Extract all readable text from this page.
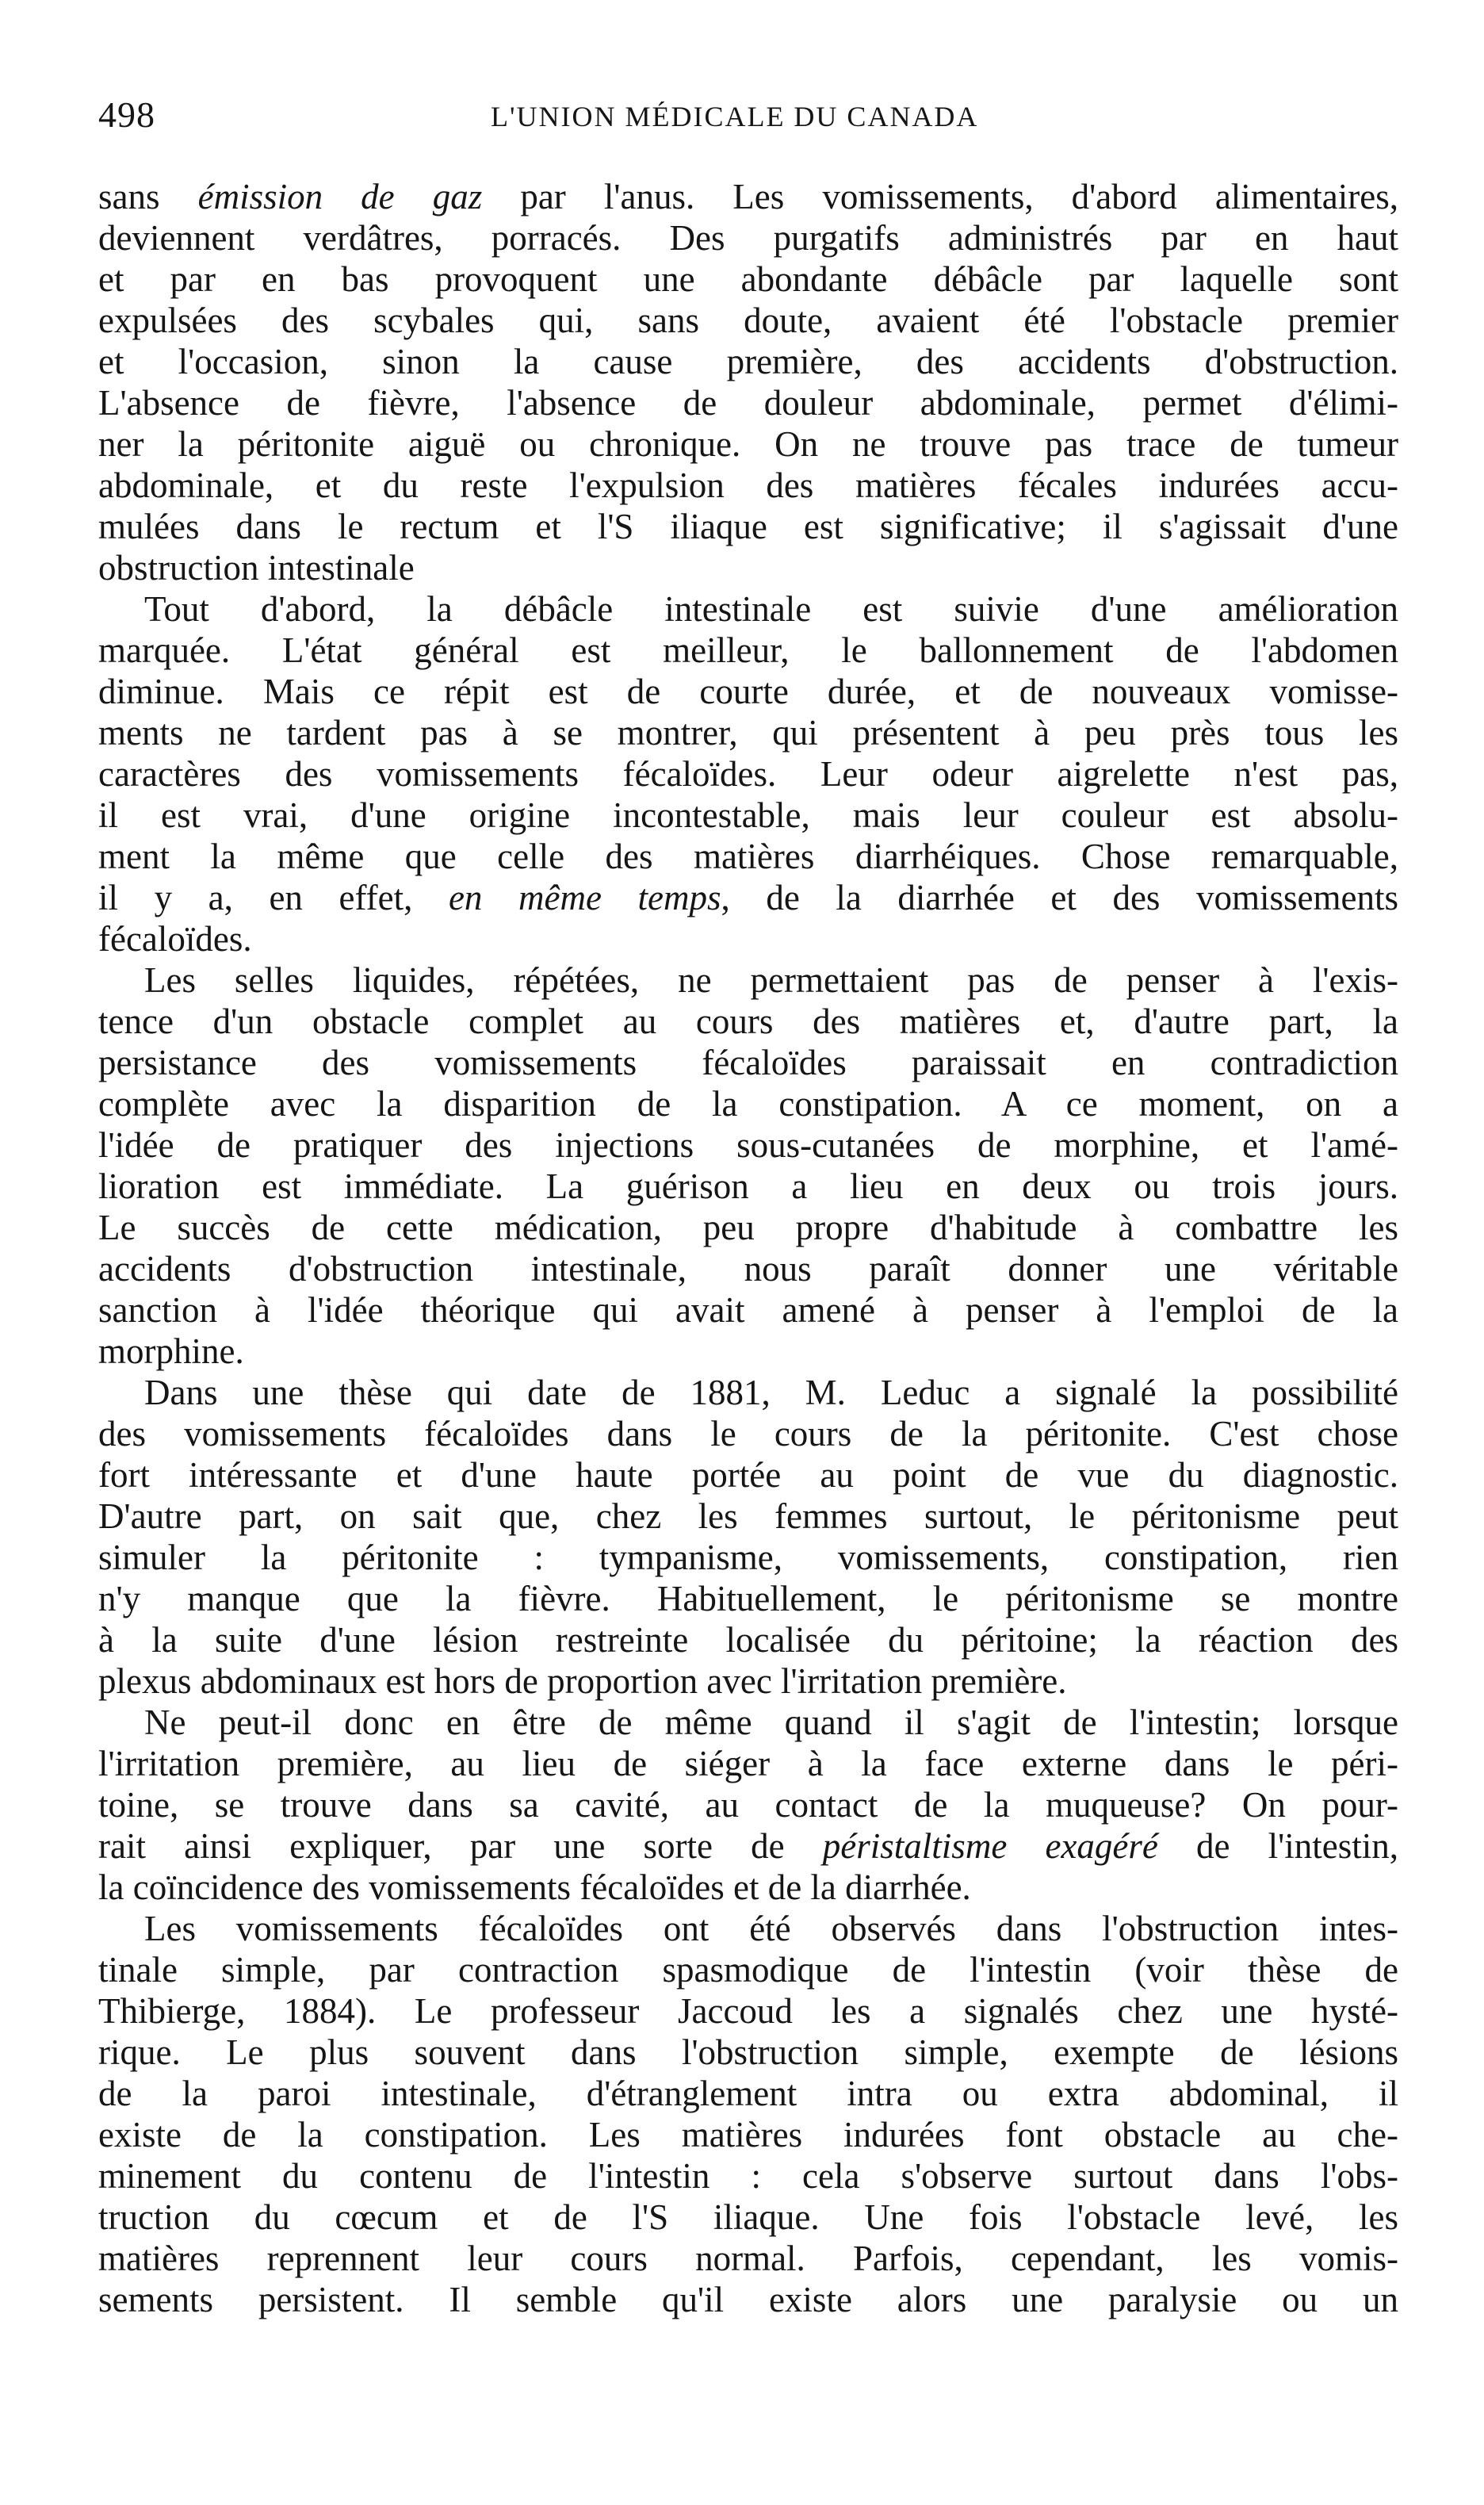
498	L'UNION MÉDICALE DU CANADA
sans émission de gaz par l'anus. Les vomissements, d'abord alimentaires,
deviennent verdâtres, porracés. Des purgatifs administrés par en haut
et par en bas provoquent une abondante débâcle par laquelle sont
expulsées des scybales qui, sans doute, avaient été l'obstacle premier
et l'occasion, sinon la cause première, des accidents d'obstruction.
L'absence de fièvre, l'absence de douleur abdominale, permet d'élimi-
ner la péritonite aiguë ou chronique. On ne trouve pas trace de tumeur
abdominale, et du reste l'expulsion des matières fécales indurées accu-
mulées dans le rectum et l'S iliaque est significative; il s'agissait d'une
obstruction intestinale
Tout d'abord, la débâcle intestinale est suivie d'une amélioration
marquée. L'état général est meilleur, le ballonnement de l'abdomen
diminue. Mais ce répit est de courte durée, et de nouveaux vomisse-
ments ne tardent pas à se montrer, qui présentent à peu près tous les
caractères des vomissements fécaloïdes. Leur odeur aigrelette n'est pas,
il est vrai, d'une origine incontestable, mais leur couleur est absolu-
ment la même que celle des matières diarrhéiques. Chose remarquable,
il y a, en effet, en même temps, de la diarrhée et des vomissements
fécaloïdes.
Les selles liquides, répétées, ne permettaient pas de penser à l'exis-
tence d'un obstacle complet au cours des matières et, d'autre part, la
persistance des vomissements fécaloïdes paraissait en contradiction
complète avec la disparition de la constipation. A ce moment, on a
l'idée de pratiquer des injections sous-cutanées de morphine, et l'amé-
lioration est immédiate. La guérison a lieu en deux ou trois jours.
Le succès de cette médication, peu propre d'habitude à combattre les
accidents d'obstruction intestinale, nous paraît donner une véritable
sanction à l'idée théorique qui avait amené à penser à l'emploi de la
morphine.
Dans une thèse qui date de 1881, M. Leduc a signalé la possibilité
des vomissements fécaloïdes dans le cours de la péritonite. C'est chose
fort intéressante et d'une haute portée au point de vue du diagnostic.
D'autre part, on sait que, chez les femmes surtout, le péritonisme peut
simuler la péritonite : tympanisme, vomissements, constipation, rien
n'y manque que la fièvre. Habituellement, le péritonisme se montre
à la suite d'une lésion restreinte localisée du péritoine; la réaction des
plexus abdominaux est hors de proportion avec l'irritation première.
Ne peut-il donc en être de même quand il s'agit de l'intestin; lorsque
l'irritation première, au lieu de siéger à la face externe dans le péri-
toine, se trouve dans sa cavité, au contact de la muqueuse? On pour-
rait ainsi expliquer, par une sorte de péristaltisme exagéré de l'intestin,
la coïncidence des vomissements fécaloïdes et de la diarrhée.
Les vomissements fécaloïdes ont été observés dans l'obstruction intes-
tinale simple, par contraction spasmodique de l'intestin (voir thèse de
Thibierge, 1884). Le professeur Jaccoud les a signalés chez une hysté-
rique. Le plus souvent dans l'obstruction simple, exempte de lésions
de la paroi intestinale, d'étranglement intra ou extra abdominal, il
existe de la constipation. Les matières indurées font obstacle au che-
minement du contenu de l'intestin : cela s'observe surtout dans l'obs-
truction du cœcum et de l'S iliaque. Une fois l'obstacle levé, les
matières reprennent leur cours normal. Parfois, cependant, les vomis-
sements persistent. Il semble qu'il existe alors une paralysie ou un
